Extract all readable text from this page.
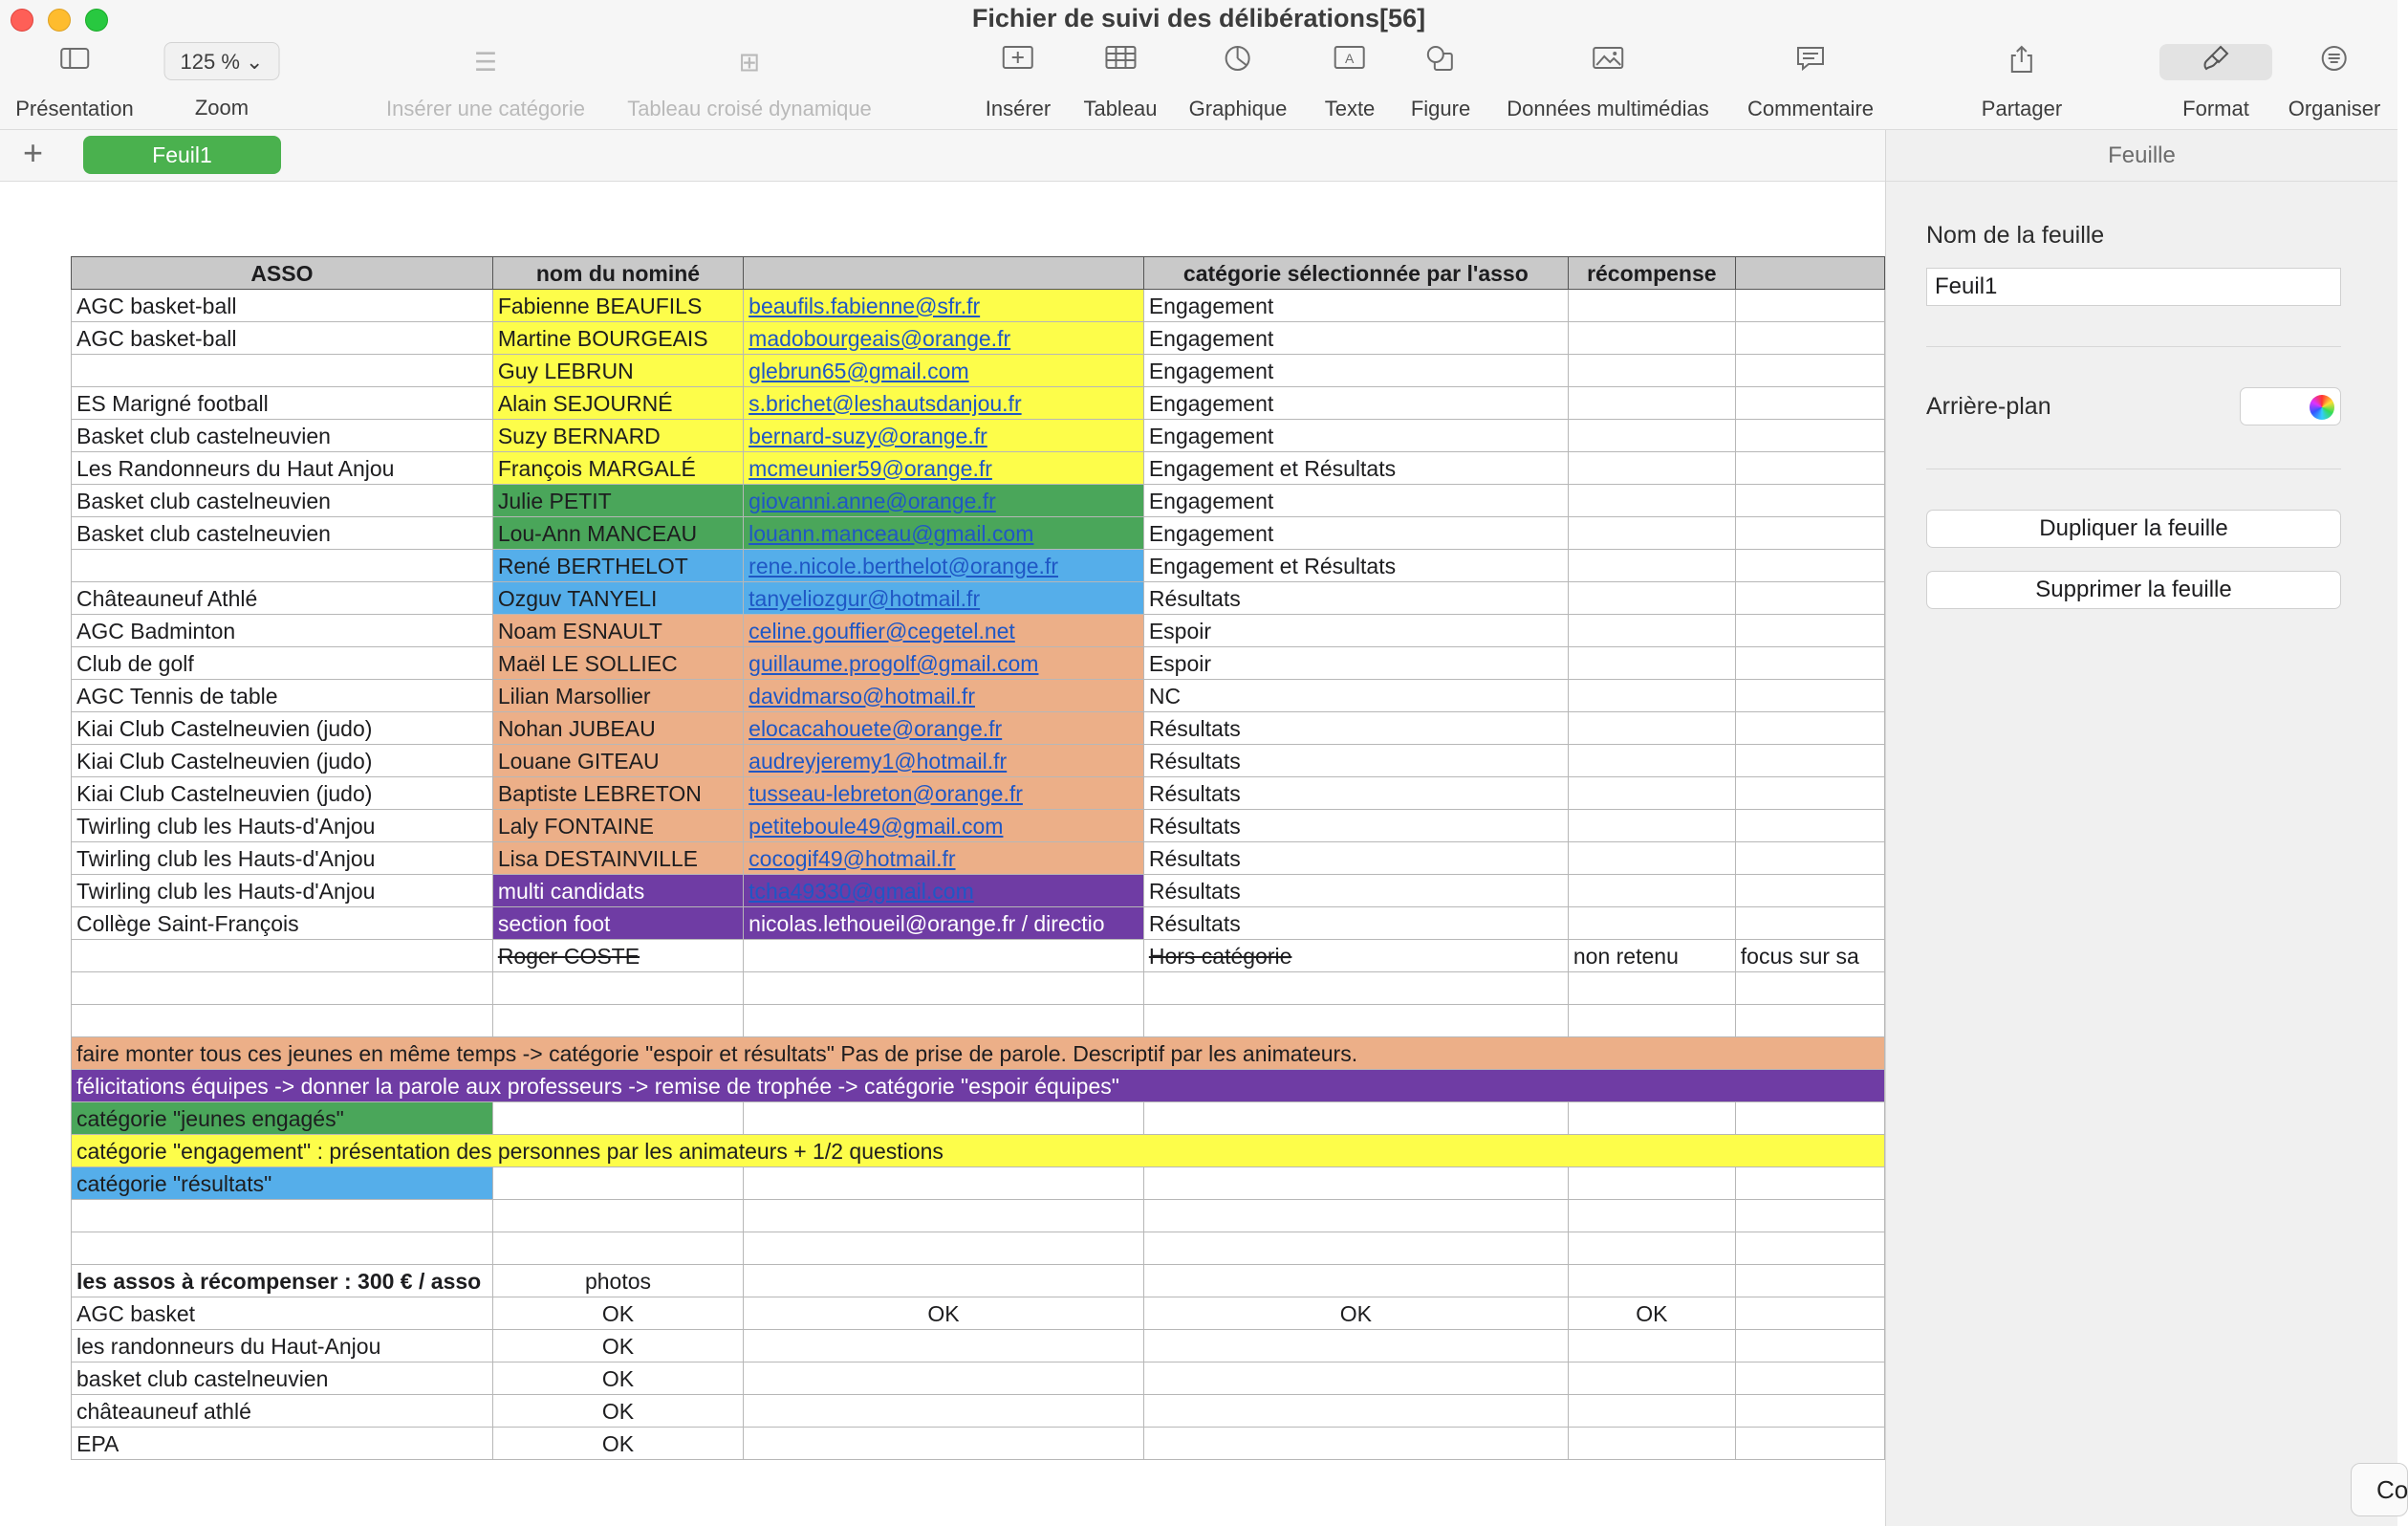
Fichier de suivi des délibérations[56]
Présentation
125 % ⌄
Zoom
☰
Insérer une catégorie
⊞
Tableau croisé dynamique	Insérer Tableau Graphique
A
Texte Figure Données multimédias Commentaire	Partager	Format	Organiser
+	Feuil1
ASSO	nom du nominé		catégorie sélectionnée par l'asso	récompense	
AGC basket-ball	Fabienne BEAUFILS	beaufils.fabienne@sfr.fr	Engagement		
AGC basket-ball	Martine BOURGEAIS	madobourgeais@orange.fr	Engagement		
	Guy LEBRUN	glebrun65@gmail.com	Engagement		
ES Marigné football	Alain SEJOURNÉ	s.brichet@leshautsdanjou.fr	Engagement		
Basket club castelneuvien	Suzy BERNARD	bernard-suzy@orange.fr	Engagement		
Les Randonneurs du Haut Anjou	François MARGALÉ	mcmeunier59@orange.fr	Engagement et Résultats		
Basket club castelneuvien	Julie PETIT	giovanni.anne@orange.fr	Engagement		
Basket club castelneuvien	Lou-Ann MANCEAU	louann.manceau@gmail.com	Engagement		
	René BERTHELOT	rene.nicole.berthelot@orange.fr	Engagement et Résultats		
Châteauneuf Athlé	Ozguv TANYELI	tanyeliozgur@hotmail.fr	Résultats		
AGC Badminton	Noam ESNAULT	celine.gouffier@cegetel.net	Espoir		
Club de golf	Maël LE SOLLIEC	guillaume.progolf@gmail.com	Espoir		
AGC Tennis de table	Lilian Marsollier	davidmarso@hotmail.fr	NC		
Kiai Club Castelneuvien (judo)	Nohan JUBEAU	elocacahouete@orange.fr	Résultats		
Kiai Club Castelneuvien (judo)	Louane GITEAU	audreyjeremy1@hotmail.fr	Résultats		
Kiai Club Castelneuvien (judo)	Baptiste LEBRETON	tusseau-lebreton@orange.fr	Résultats		
Twirling club les Hauts-d'Anjou	Laly FONTAINE	petiteboule49@gmail.com	Résultats		
Twirling club les Hauts-d'Anjou	Lisa DESTAINVILLE	cocogif49@hotmail.fr	Résultats		
Twirling club les Hauts-d'Anjou	multi candidats	tcha49330@gmail.com	Résultats		
Collège Saint-François	section foot	nicolas.lethoueil@orange.fr / directio	Résultats		
	Roger COSTE		Hors catégorie	non retenu	focus sur sa

faire monter tous ces jeunes en même temps -> catégorie "espoir et résultats" Pas de prise de parole. Descriptif par les animateurs.					
félicitations équipes -> donner la parole aux professeurs -> remise de trophée -> catégorie "espoir équipes"					
catégorie "jeunes engagés"					
catégorie "engagement" : présentation des personnes par les animateurs + 1/2 questions					
catégorie "résultats"					

les assos à récompenser : 300 € / asso	photos				
AGC basket	OK	OK	OK	OK	
les randonneurs du Haut-Anjou	OK				
basket club castelneuvien	OK				
châteauneuf athlé	OK				
EPA	OK				
Feuille
Nom de la feuille
Feuil1
Arrière-plan
Dupliquer la feuille
Supprimer la feuille
Co
